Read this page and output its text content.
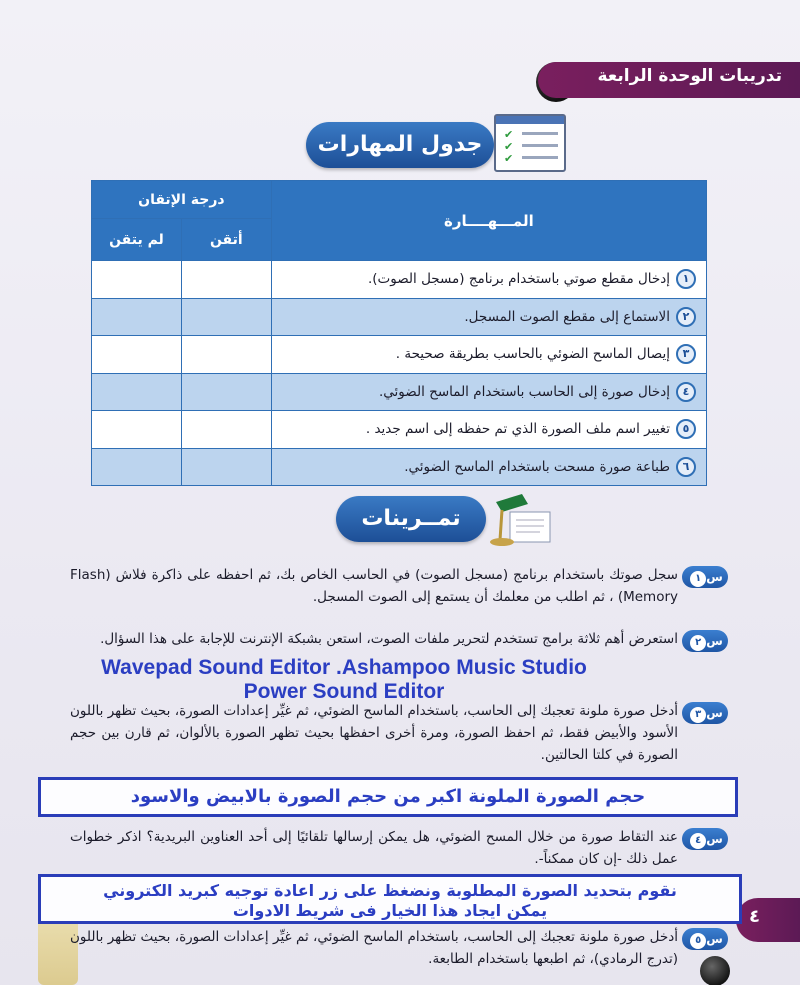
تدريبات الوحدة الرابعة
جدول المهارات	✔
✔
✔
المـــهــــارة	درجة الإتقان	
	أتقن	لم يتقن
١إدخال مقطع صوتي باستخدام برنامج (مسجل الصوت).		
٢الاستماع إلى مقطع الصوت المسجل.		
٣إيصال الماسح الضوئي بالحاسب بطريقة صحيحة .		
٤إدخال صورة إلى الحاسب باستخدام الماسح الضوئي.		
٥تغيير اسم ملف الصورة الذي تم حفظه إلى اسم جديد .		
٦طباعة صورة مسحت باستخدام الماسح الضوئي.		
تمــرينات
س١
سجل صوتك باستخدام برنامج (مسجل الصوت) في الحاسب الخاص بك، ثم احفظه على ذاكرة فلاش (Flash Memory) ، ثم اطلب من معلمك أن يستمع إلى الصوت المسجل.
س٢
استعرض أهم ثلاثة برامج تستخدم لتحرير ملفات الصوت، استعن بشبكة الإنترنت للإجابة على هذا السؤال.
Wavepad Sound Editor .Ashampoo Music Studio
Power Sound Editor
س٣
أدخل صورة ملونة تعجبك إلى الحاسب، باستخدام الماسح الضوئي، ثم غيِّر إعدادات الصورة، بحيث تظهر باللون الأسود والأبيض فقط، ثم احفظ الصورة، ومرة أخرى احفظها بحيث تظهر الصورة بالألوان، ثم قارن بين حجم الصورة في كلتا الحالتين.
حجم الصورة الملونة اكبر من حجم الصورة بالابيض والاسود
س٤
عند التقاط صورة من خلال المسح الضوئي، هل يمكن إرسالها تلقائيًا إلى أحد العناوين البريدية؟ اذكر خطوات عمل ذلك -إن كان ممكناً-.
٤
نقوم بتحديد الصورة المطلوبة ونضغظ على زر اعادة توجيه كبريد الكتروني
يمكن ايجاد هذا الخيار فى شريط الادوات
س٥
أدخل صورة ملونة تعجبك إلى الحاسب، باستخدام الماسح الضوئي، ثم غيِّر إعدادات الصورة، بحيث تظهر باللون (تدرج الرمادي)، ثم اطبعها باستخدام الطابعة.
